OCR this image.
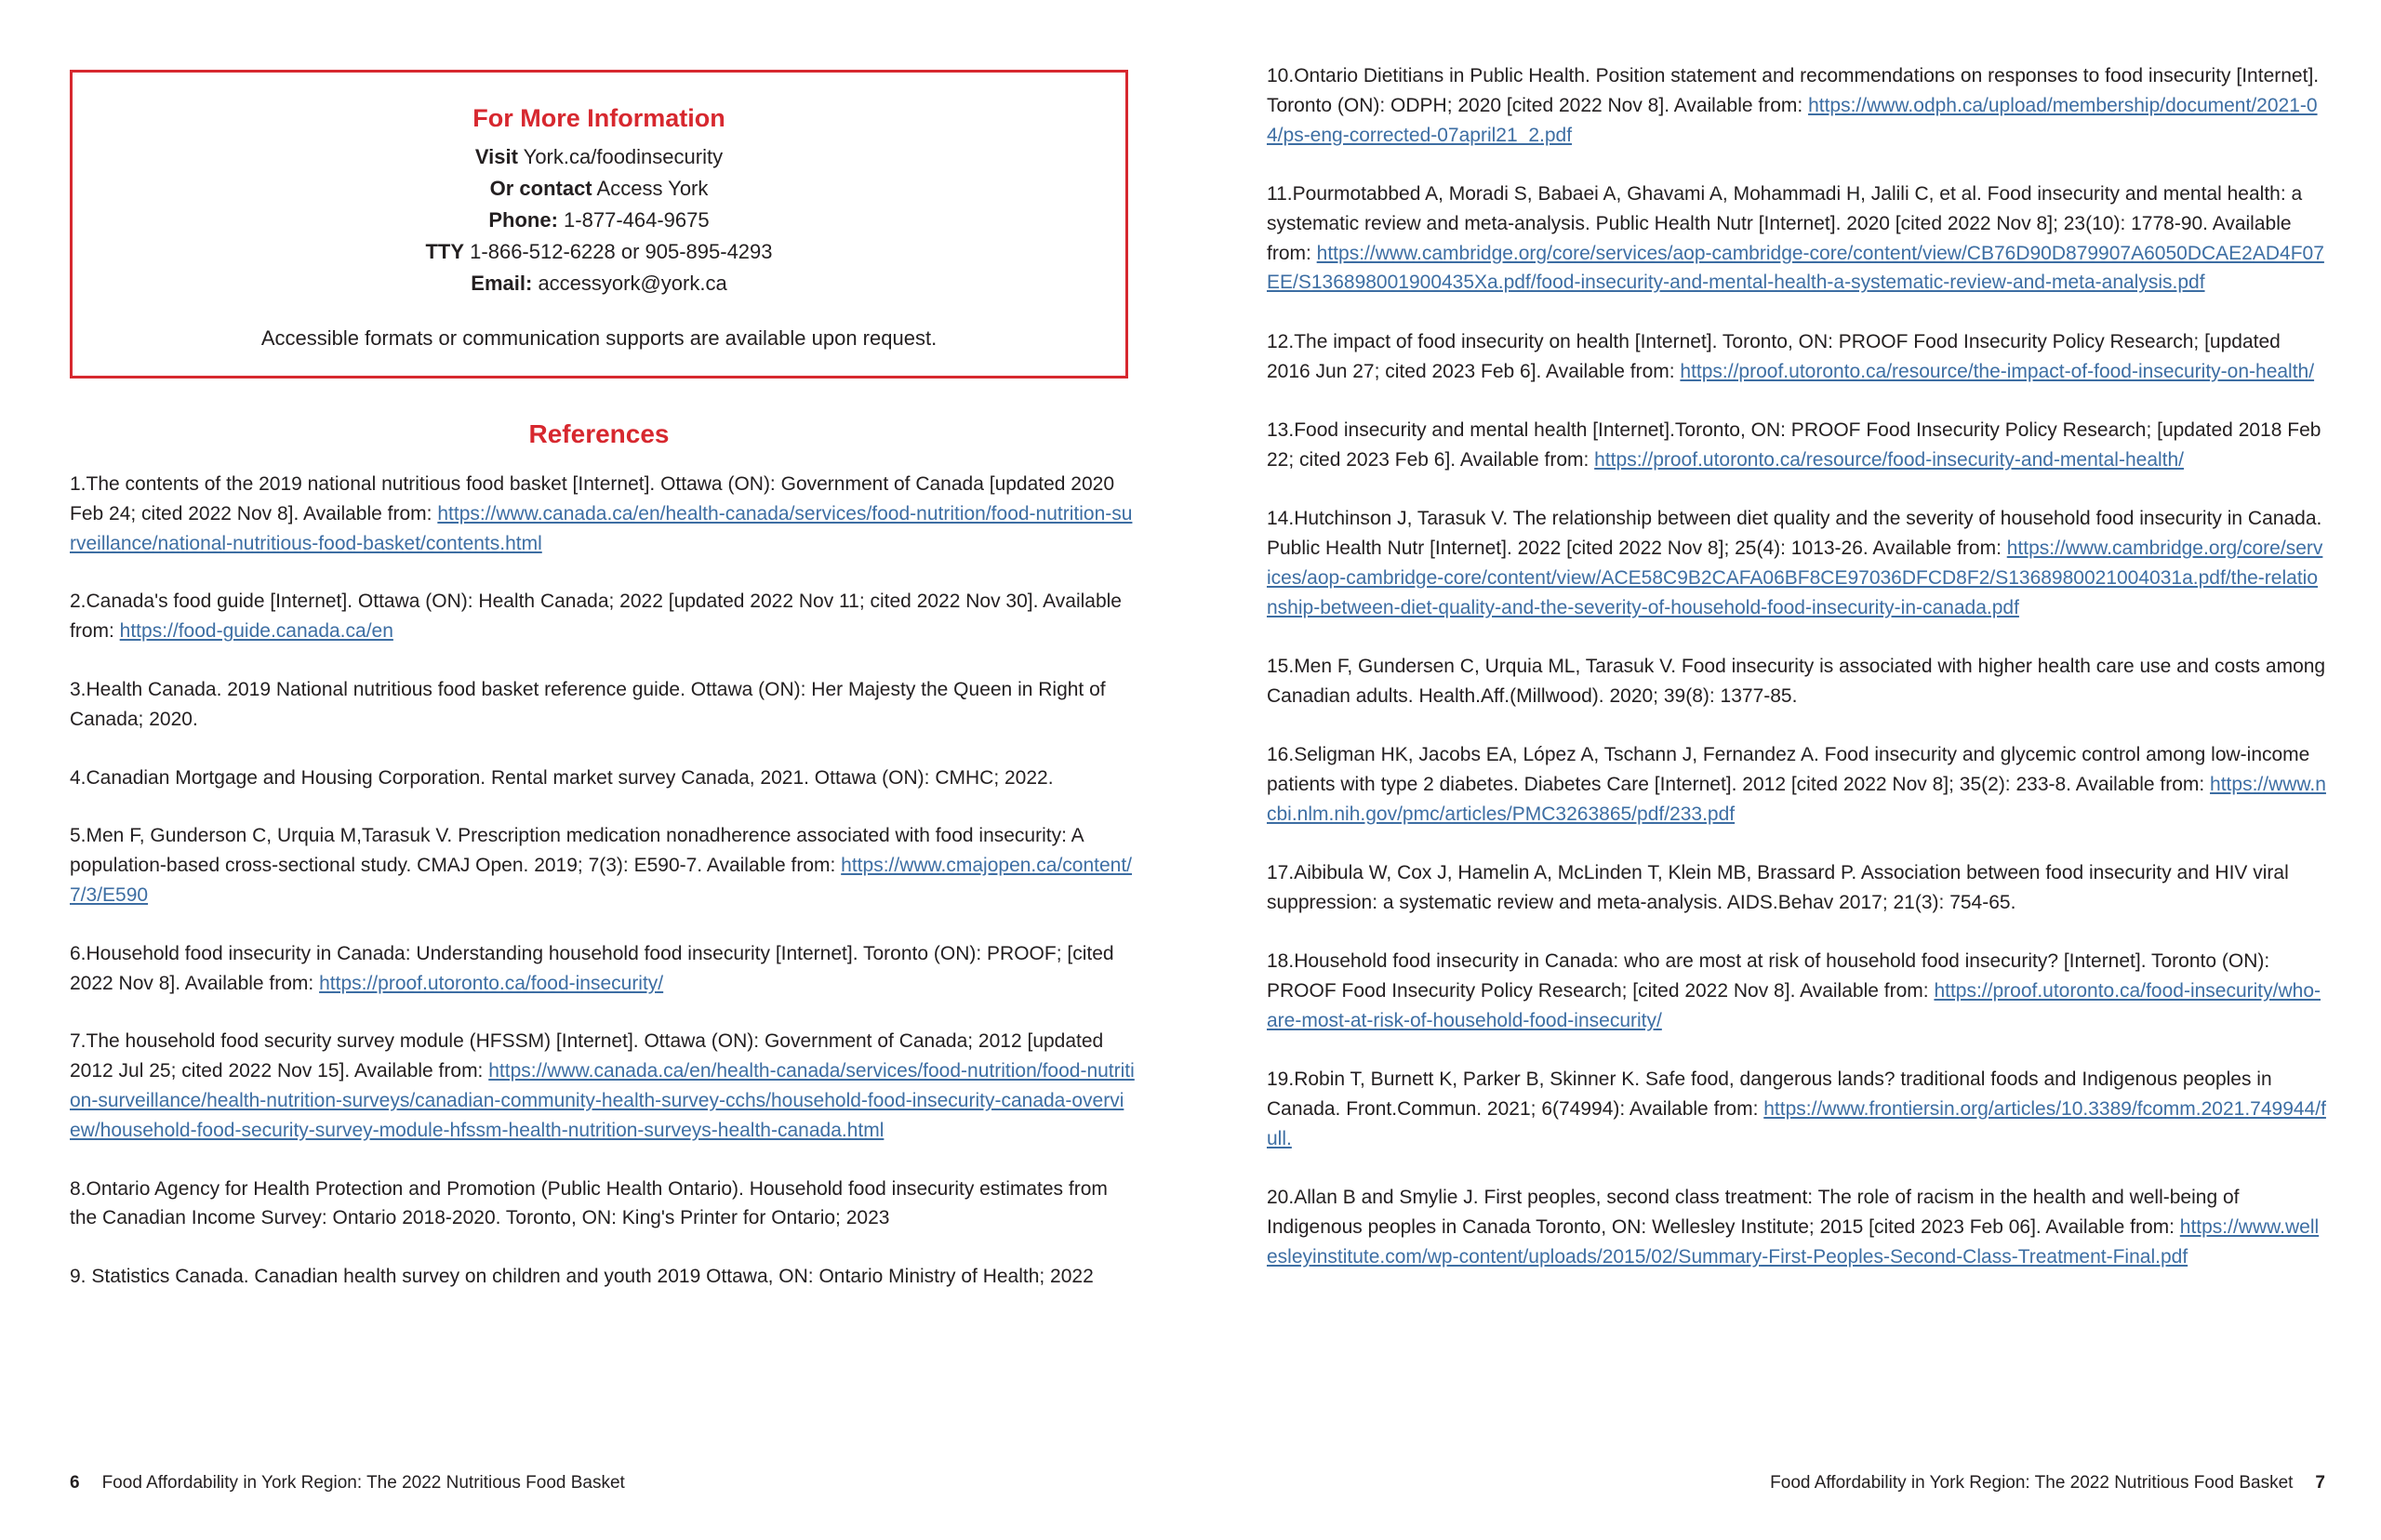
For More Information
Visit York.ca/foodinsecurity
Or contact Access York
Phone: 1-877-464-9675
TTY 1-866-512-6228 or 905-895-4293
Email: accessyork@york.ca
Accessible formats or communication supports are available upon request.
References
1.The contents of the 2019 national nutritious food basket [Internet]. Ottawa (ON): Government of Canada [updated 2020 Feb 24; cited 2022 Nov 8]. Available from: https://www.canada.ca/en/health-canada/services/food-nutrition/food-nutrition-surveillance/national-nutritious-food-basket/contents.html
2.Canada's food guide [Internet]. Ottawa (ON): Health Canada; 2022 [updated 2022 Nov 11; cited 2022 Nov 30]. Available from: https://food-guide.canada.ca/en
3.Health Canada. 2019 National nutritious food basket reference guide. Ottawa (ON): Her Majesty the Queen in Right of Canada; 2020.
4.Canadian Mortgage and Housing Corporation. Rental market survey Canada, 2021. Ottawa (ON): CMHC; 2022.
5.Men F, Gunderson C, Urquia M,Tarasuk V. Prescription medication nonadherence associated with food insecurity: A population-based cross-sectional study. CMAJ Open. 2019; 7(3): E590-7. Available from: https://www.cmajopen.ca/content/7/3/E590
6.Household food insecurity in Canada: Understanding household food insecurity [Internet]. Toronto (ON): PROOF; [cited 2022 Nov 8]. Available from: https://proof.utoronto.ca/food-insecurity/
7.The household food security survey module (HFSSM) [Internet]. Ottawa (ON): Government of Canada; 2012 [updated 2012 Jul 25; cited 2022 Nov 15]. Available from: https://www.canada.ca/en/health-canada/services/food-nutrition/food-nutrition-surveillance/health-nutrition-surveys/canadian-community-health-survey-cchs/household-food-insecurity-canada-overview/household-food-security-survey-module-hfssm-health-nutrition-surveys-health-canada.html
8.Ontario Agency for Health Protection and Promotion (Public Health Ontario). Household food insecurity estimates from the Canadian Income Survey: Ontario 2018-2020. Toronto, ON: King's Printer for Ontario; 2023
9. Statistics Canada. Canadian health survey on children and youth 2019 Ottawa, ON: Ontario Ministry of Health; 2022
10.Ontario Dietitians in Public Health. Position statement and recommendations on responses to food insecurity [Internet]. Toronto (ON): ODPH; 2020 [cited 2022 Nov 8]. Available from: https://www.odph.ca/upload/membership/document/2021-04/ps-eng-corrected-07april21_2.pdf
11.Pourmotabbed A, Moradi S, Babaei A, Ghavami A, Mohammadi H, Jalili C, et al. Food insecurity and mental health: a systematic review and meta-analysis. Public Health Nutr [Internet]. 2020 [cited 2022 Nov 8]; 23(10): 1778-90. Available from: https://www.cambridge.org/core/services/aop-cambridge-core/content/view/CB76D90D879907A6050DCAE2AD4F07EE/S136898001900435Xa.pdf/food-insecurity-and-mental-health-a-systematic-review-and-meta-analysis.pdf
12.The impact of food insecurity on health [Internet]. Toronto, ON: PROOF Food Insecurity Policy Research; [updated 2016 Jun 27; cited 2023 Feb 6]. Available from: https://proof.utoronto.ca/resource/the-impact-of-food-insecurity-on-health/
13.Food insecurity and mental health [Internet].Toronto, ON: PROOF Food Insecurity Policy Research; [updated 2018 Feb 22; cited 2023 Feb 6]. Available from: https://proof.utoronto.ca/resource/food-insecurity-and-mental-health/
14.Hutchinson J, Tarasuk V. The relationship between diet quality and the severity of household food insecurity in Canada. Public Health Nutr [Internet]. 2022 [cited 2022 Nov 8]; 25(4): 1013-26. Available from: https://www.cambridge.org/core/services/aop-cambridge-core/content/view/ACE58C9B2CAFA06BF8CE97036DFCD8F2/S1368980021004031a.pdf/the-relationship-between-diet-quality-and-the-severity-of-household-food-insecurity-in-canada.pdf
15.Men F, Gundersen C, Urquia ML, Tarasuk V. Food insecurity is associated with higher health care use and costs among Canadian adults. Health.Aff.(Millwood). 2020; 39(8): 1377-85.
16.Seligman HK, Jacobs EA, López A, Tschann J, Fernandez A. Food insecurity and glycemic control among low-income patients with type 2 diabetes. Diabetes Care [Internet]. 2012 [cited 2022 Nov 8]; 35(2): 233-8. Available from: https://www.ncbi.nlm.nih.gov/pmc/articles/PMC3263865/pdf/233.pdf
17.Aibibula W, Cox J, Hamelin A, McLinden T, Klein MB, Brassard P. Association between food insecurity and HIV viral suppression: a systematic review and meta-analysis. AIDS.Behav 2017; 21(3): 754-65.
18.Household food insecurity in Canada: who are most at risk of household food insecurity? [Internet]. Toronto (ON): PROOF Food Insecurity Policy Research; [cited 2022 Nov 8]. Available from: https://proof.utoronto.ca/food-insecurity/who-are-most-at-risk-of-household-food-insecurity/
19.Robin T, Burnett K, Parker B, Skinner K. Safe food, dangerous lands? traditional foods and Indigenous peoples in Canada. Front.Commun. 2021; 6(74994): Available from: https://www.frontiersin.org/articles/10.3389/fcomm.2021.749944/full.
20.Allan B and Smylie J. First peoples, second class treatment: The role of racism in the health and well-being of Indigenous peoples in Canada Toronto, ON: Wellesley Institute; 2015 [cited 2023 Feb 06]. Available from: https://www.wellesleyinstitute.com/wp-content/uploads/2015/02/Summary-First-Peoples-Second-Class-Treatment-Final.pdf
6 Food Affordability in York Region: The 2022 Nutritious Food Basket	Food Affordability in York Region: The 2022 Nutritious Food Basket 7
